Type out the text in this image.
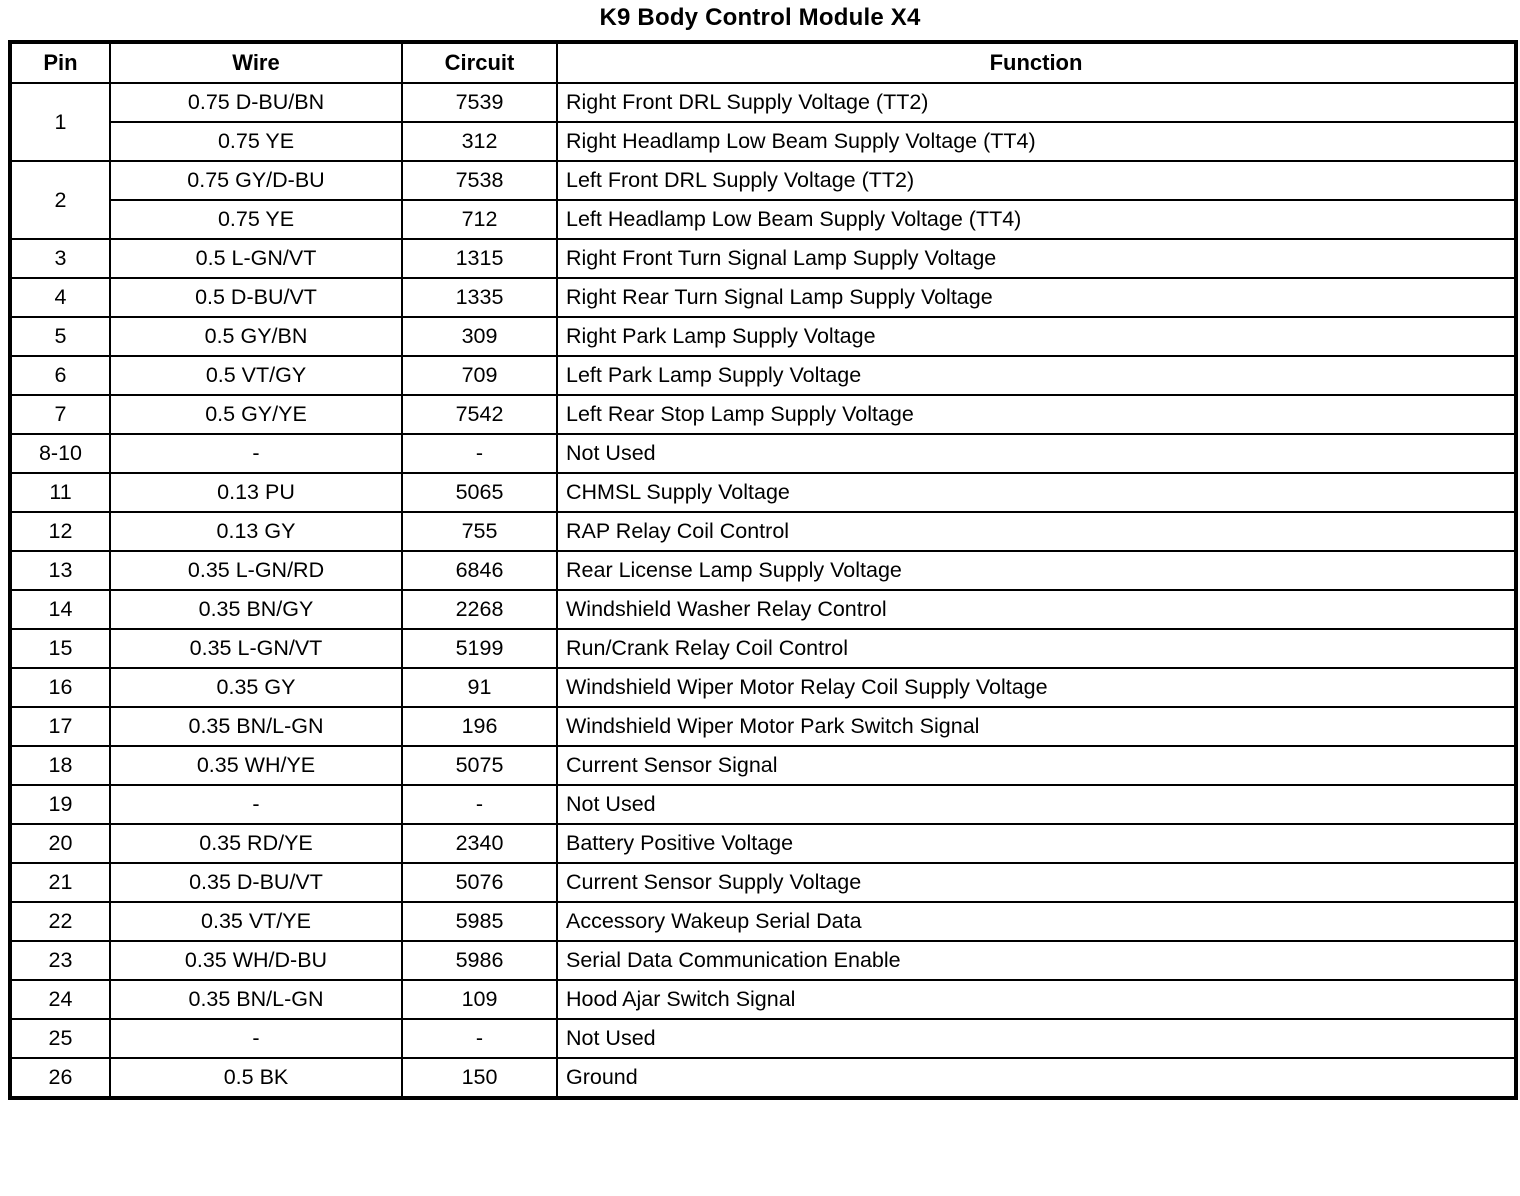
K9 Body Control Module X4
Pin	Wire	Circuit	Function
1	0.75 D-BU/BN	7539	Right Front DRL Supply Voltage (TT2)
	0.75 YE	312	Right Headlamp Low Beam Supply Voltage (TT4)
2	0.75 GY/D-BU	7538	Left Front DRL Supply Voltage (TT2)
	0.75 YE	712	Left Headlamp Low Beam Supply Voltage (TT4)
3	0.5 L-GN/VT	1315	Right Front Turn Signal Lamp Supply Voltage
4	0.5 D-BU/VT	1335	Right Rear Turn Signal Lamp Supply Voltage
5	0.5 GY/BN	309	Right Park Lamp Supply Voltage
6	0.5 VT/GY	709	Left Park Lamp Supply Voltage
7	0.5 GY/YE	7542	Left Rear Stop Lamp Supply Voltage
8-10	-	-	Not Used
11	0.13 PU	5065	CHMSL Supply Voltage
12	0.13 GY	755	RAP Relay Coil Control
13	0.35 L-GN/RD	6846	Rear License Lamp Supply Voltage
14	0.35 BN/GY	2268	Windshield Washer Relay Control
15	0.35 L-GN/VT	5199	Run/Crank Relay Coil Control
16	0.35 GY	91	Windshield Wiper Motor Relay Coil Supply Voltage
17	0.35 BN/L-GN	196	Windshield Wiper Motor Park Switch Signal
18	0.35 WH/YE	5075	Current Sensor Signal
19	-	-	Not Used
20	0.35 RD/YE	2340	Battery Positive Voltage
21	0.35 D-BU/VT	5076	Current Sensor Supply Voltage
22	0.35 VT/YE	5985	Accessory Wakeup Serial Data
23	0.35 WH/D-BU	5986	Serial Data Communication Enable
24	0.35 BN/L-GN	109	Hood Ajar Switch Signal
25	-	-	Not Used
26	0.5 BK	150	Ground
